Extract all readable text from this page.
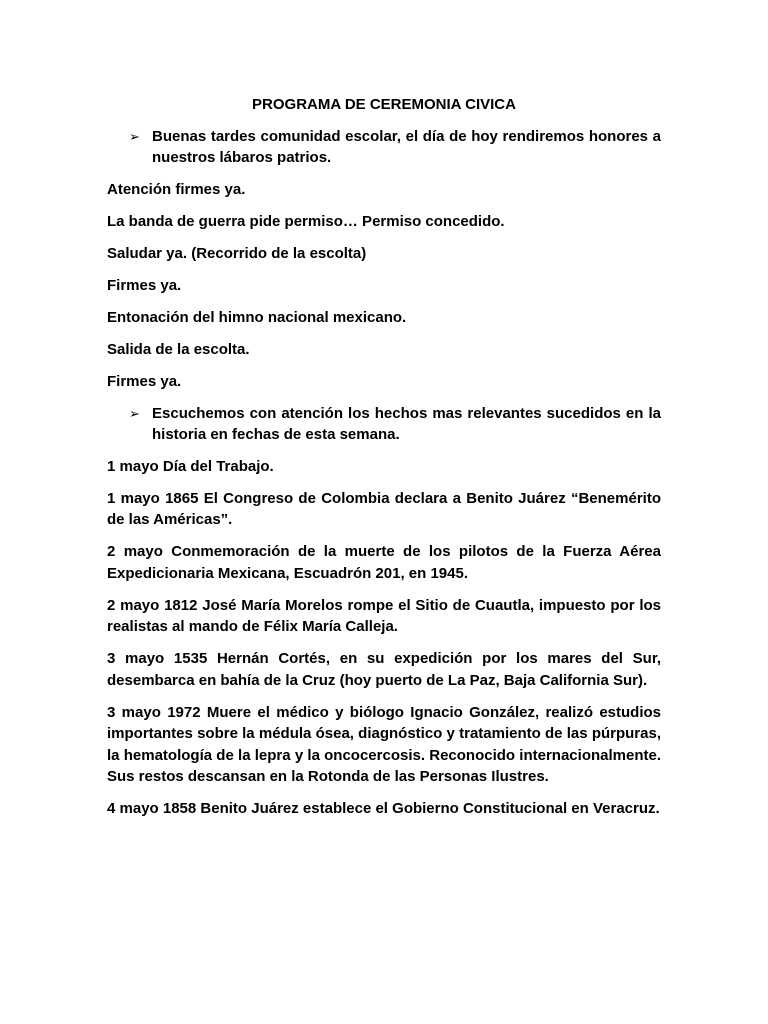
PROGRAMA DE CEREMONIA CIVICA
➢ Buenas tardes comunidad escolar, el día de hoy rendiremos honores a nuestros lábaros patrios.
Atención firmes ya.
La banda de guerra pide permiso… Permiso concedido.
Saludar ya. (Recorrido de la escolta)
Firmes ya.
Entonación del himno nacional mexicano.
Salida de la escolta.
Firmes ya.
➢ Escuchemos con atención los hechos mas relevantes sucedidos en la historia en fechas de esta semana.
1 mayo Día del Trabajo.
1 mayo 1865 El Congreso de Colombia declara a Benito Juárez “Benemérito de las Américas”.
2 mayo Conmemoración de la muerte de los pilotos de la Fuerza Aérea Expedicionaria Mexicana, Escuadrón 201, en 1945.
2 mayo 1812 José María Morelos rompe el Sitio de Cuautla, impuesto por los realistas al mando de Félix María Calleja.
3 mayo 1535 Hernán Cortés, en su expedición por los mares del Sur, desembarca en bahía de la Cruz (hoy puerto de La Paz, Baja California Sur).
3 mayo 1972 Muere el médico y biólogo Ignacio González, realizó estudios importantes sobre la médula ósea, diagnóstico y tratamiento de las púrpuras, la hematología de la lepra y la oncocercosis. Reconocido internacionalmente. Sus restos descansan en la Rotonda de las Personas Ilustres.
4 mayo 1858 Benito Juárez establece el Gobierno Constitucional en Veracruz.
